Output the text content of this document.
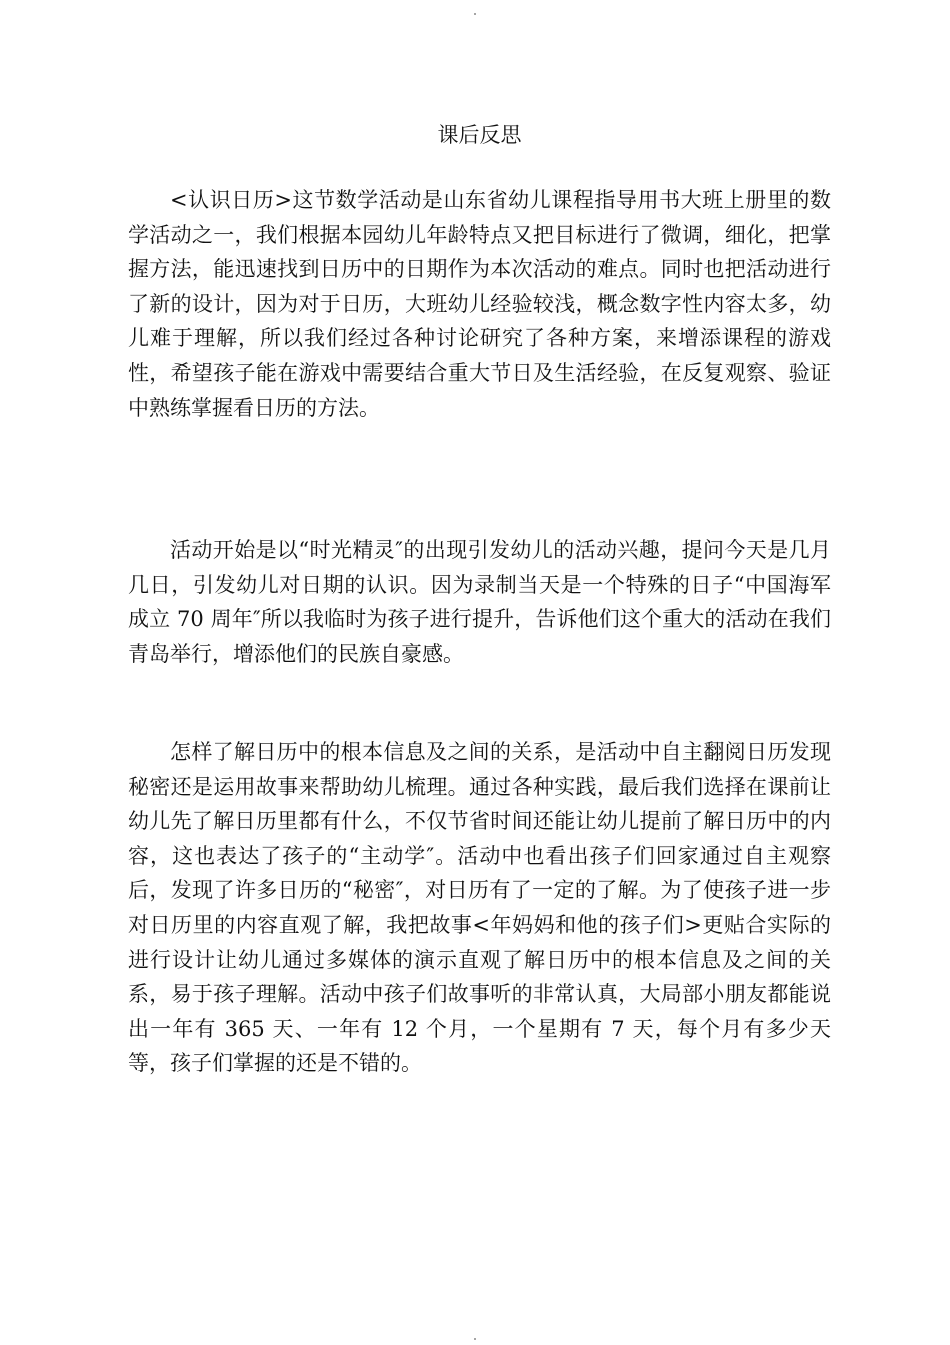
课后反思

<认识日历>这节数学活动是山东省幼儿课程指导用书大班上册里的数学活动之一，我们根据本园幼儿年龄特点又把目标进行了微调，细化，把掌握方法，能迅速找到日历中的日期作为本次活动的难点。同时也把活动进行了新的设计，因为对于日历，大班幼儿经验较浅，概念数字性内容太多，幼儿难于理解，所以我们经过各种讨论研究了各种方案，来增添课程的游戏性，希望孩子能在游戏中需要结合重大节日及生活经验，在反复观察、验证中熟练掌握看日历的方法。

活动开始是以“时光精灵″的出现引发幼儿的活动兴趣，提问今天是几月几日，引发幼儿对日期的认识。因为录制当天是一个特殊的日子“中国海军成立 70 周年″所以我临时为孩子进行提升，告诉他们这个重大的活动在我们青岛举行，增添他们的民族自豪感。

怎样了解日历中的根本信息及之间的关系，是活动中自主翻阅日历发现秘密还是运用故事来帮助幼儿梳理。通过各种实践，最后我们选择在课前让幼儿先了解日历里都有什么，不仅节省时间还能让幼儿提前了解日历中的内容，这也表达了孩子的“主动学″。活动中也看出孩子们回家通过自主观察后，发现了许多日历的“秘密″，对日历有了一定的了解。为了使孩子进一步对日历里的内容直观了解，我把故事<年妈妈和他的孩子们>更贴合实际的进行设计让幼儿通过多媒体的演示直观了解日历中的根本信息及之间的关系，易于孩子理解。活动中孩子们故事听的非常认真，大局部小朋友都能说出一年有 365 天、一年有 12 个月，一个星期有 7 天，每个月有多少天等，孩子们掌握的还是不错的。
